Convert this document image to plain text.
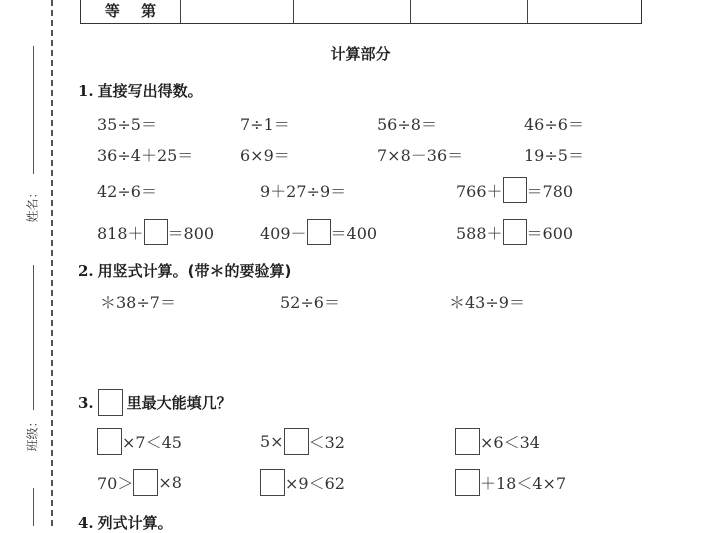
等 第
姓名：
班级：
计算部分
1. 直接写出得数。
35÷5＝	7÷1＝	56÷8＝	46÷6＝
36÷4＋25＝	6×9＝	7×8－36＝	19÷5＝
42÷6＝	9＋27÷9＝	766＋ ＝780
818＋ ＝800	409－ ＝400	588＋ ＝600
2. 用竖式计算。(带＊的要验算)
＊38÷7＝	52÷6＝	＊43÷9＝
3. 里最大能填几？
×7＜45	5× ＜32	×6＜34
70＞ ×8	×9＜62	＋18＜4×7
4. 列式计算。
